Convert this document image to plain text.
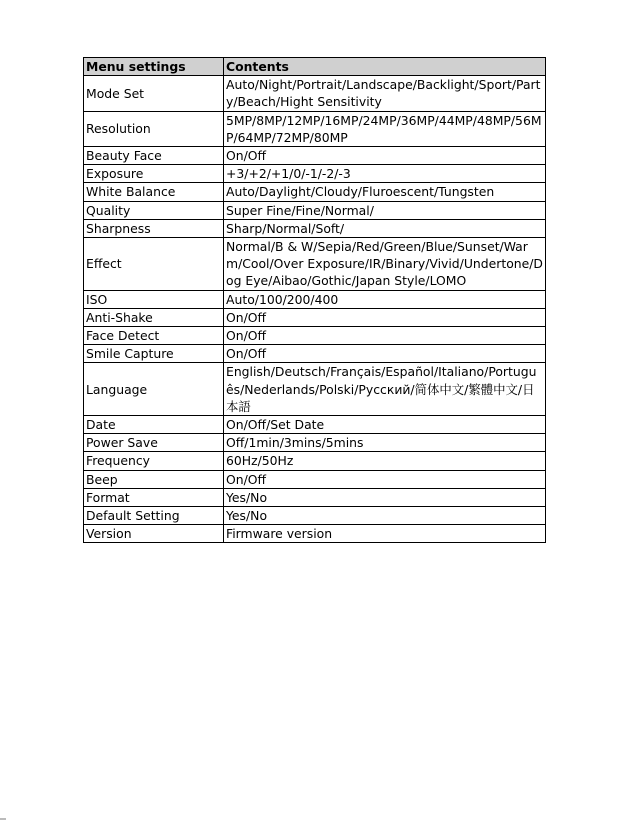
Menu settings	Contents
Mode Set	Auto/Night/Portrait/Landscape/Backlight/Sport/Party/Beach/Hight Sensitivity
Resolution	5MP/8MP/12MP/16MP/24MP/36MP/44MP/48MP/56MP/64MP/72MP/80MP
Beauty Face	On/Off
Exposure	+3/+2/+1/0/-1/-2/-3
White Balance	Auto/Daylight/Cloudy/Fluroescent/Tungsten
Quality	Super Fine/Fine/Normal/
Sharpness	Sharp/Normal/Soft/
Effect	Normal/B & W/Sepia/Red/Green/Blue/Sunset/Warm/Cool/Over Exposure/IR/Binary/Vivid/Undertone/Dog Eye/Aibao/Gothic/Japan Style/LOMO
ISO	Auto/100/200/400
Anti-Shake	On/Off
Face Detect	On/Off
Smile Capture	On/Off
Language	English/Deutsch/Français/Español/Italiano/Português/Nederlands/Polski/Русский/简体中文/繁體中文/日本語
Date	On/Off/Set Date
Power Save	Off/1min/3mins/5mins
Frequency	60Hz/50Hz
Beep	On/Off
Format	Yes/No
Default Setting	Yes/No
Version	Firmware version
